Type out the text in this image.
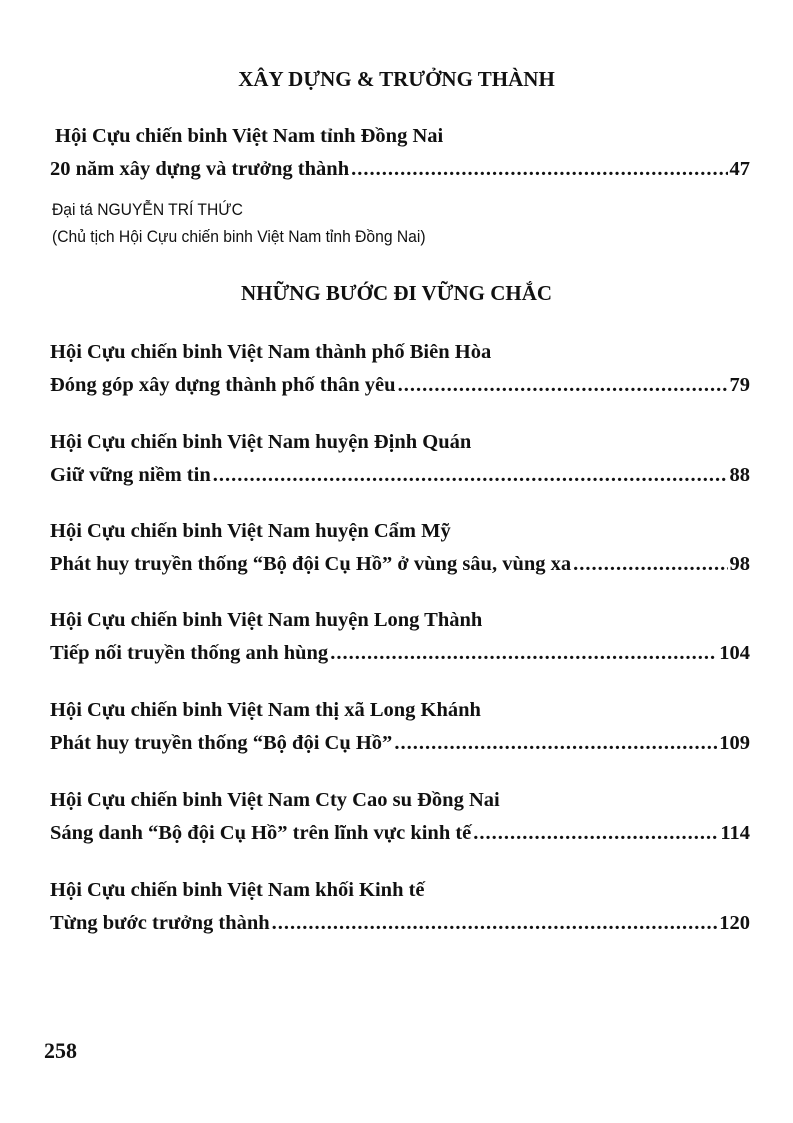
XÂY DỰNG & TRƯỞNG THÀNH
Hội Cựu chiến binh Việt Nam tỉnh Đồng Nai
20 năm xây dựng và trưởng thành .....	47
Đại tá NGUYỄN TRÍ THỨC
(Chủ tịch Hội Cựu chiến binh Việt Nam tỉnh Đồng Nai)
NHỮNG BƯỚC ĐI VỮNG CHẮC
Hội Cựu chiến binh Việt Nam thành phố Biên Hòa
Đóng góp xây dựng thành phố thân yêu .....	79
Hội Cựu chiến binh Việt Nam huyện Định Quán
Giữ vững niềm tin .....	88
Hội Cựu chiến binh Việt Nam huyện Cẩm Mỹ
Phát huy truyền thống “Bộ đội Cụ Hồ” ở vùng sâu, vùng xa .....	98
Hội Cựu chiến binh Việt Nam huyện Long Thành
Tiếp nối truyền thống anh hùng .....	104
Hội Cựu chiến binh Việt Nam thị xã Long Khánh
Phát huy truyền thống “Bộ đội Cụ Hồ” .....	109
Hội Cựu chiến binh Việt Nam Cty Cao su Đồng Nai
Sáng danh “Bộ đội Cụ Hồ” trên lĩnh vực kinh tế .....	114
Hội Cựu chiến binh Việt Nam khối Kinh tế
Từng bước trưởng thành .....	120
258
